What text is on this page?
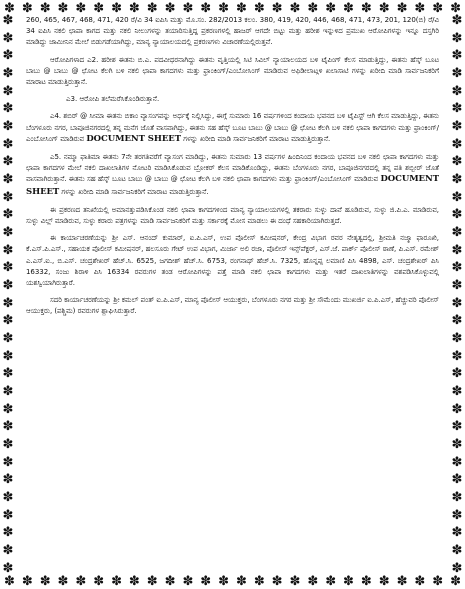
✽ ✽ ✽ ✽ ✽ ✽ ✽ ✽ ✽ ✽ ✽ ✽ ✽ ✽ ✽ ✽ ✽ ✽ ✽ ✽ ✽ ✽ ✽ ✽ ✽ ✽
✽
✽
✽
✽
✽
✽
✽
✽
✽
✽
✽
✽
✽
✽
✽
✽
✽
✽
✽
✽
✽
✽
✽
✽
✽
✽
✽
✽
✽
✽
✽
✽
✽
✽
✽
✽
✽
✽
✽
✽
✽
✽
✽
✽
✽
✽
✽
✽
✽
✽
✽
✽
✽
✽
✽
✽
✽
✽
✽
✽
✽
✽
✽
✽
✽ ✽ ✽ ✽ ✽ ✽ ✽ ✽ ✽ ✽ ✽ ✽ ✽ ✽ ✽ ✽ ✽ ✽ ✽ ✽ ✽ ✽ ✽ ✽ ✽ ✽

260, 465, 467, 468, 471, 420 ರೆ/ವಿ 34 ಐಪಿಸಿ ಮತ್ತು ಮೊ.ಸಂ. 282/2013 ಕಲಂ. 380, 419, 420, 446, 468, 471, 473, 201, 120(ಬಿ) ರೆ/ವಿ 34 ಐಪಿಸಿ ನಕಲಿ ಛಾಪಾ ಕಾಗದ ಮತ್ತು ನಕಲಿ ನೀಲುಗಳನ್ನು ತಯಾರಿಸುತ್ತಿದ್ದ ಪ್ರಕರಣಗಳಲ್ಲಿ ಹಾಜರ್ ಆಗದೇ ಬಿಟ್ಟು ಮತ್ತು ಹರೀಶ ಇನ್ನುಳಿದ ಪ್ರಮುಖ ಆರೋಪಿಗಳನ್ನು ಇನ್ನೂ ದಸ್ತಗಿರಿ ಮಾಡಿದ್ದು ಜಾಮೀನಿನ ಮೇಲೆ ಬಿಡುಗಡೆಯಾಗಿದ್ದು, ಮಾನ್ಯ ನ್ಯಾಯಾಲಯದಲ್ಲಿ ಪ್ರಕರಣಗಳು ವಿಚಾರಣೆಯಲ್ಲಿರುತ್ತವೆ.

ಆರೋಪಿಗಳಾದ ಎ2. ಹರೀಶ ಈತನು ಬಿ.ಎ. ಪದವೀಧರನಾಗಿದ್ದು ಈತನು ವೃತ್ತಿಯಲ್ಲಿ ಸಿಟಿ ಸಿವಿಲ್ ನ್ಯಾಯಾಲಯದ ಬಳಿ ಟೈಪಿಂಗ್ ಕೆಲಸ ಮಾಡುತ್ತಿದ್ದು, ಈತನು ಹೆಸ್ಕ್ ಬೂಟ ಬಾಬು @ ಬಾಬು @ ಛೋಟ ಕೆಲಗಿ ಬಳಿ ನಕಲಿ ಛಾಪಾ ಕಾಗದಗಳು ಮತ್ತು ಫ್ರಾಂಕಿಂಗ್/ಎಂಬೋಸಿಂಗ್ ಮಾಡಿರುವ ಅಫಿಡೀಲಾಟ್ಗಳಿ ಖಲಾಸಾಟಿ ಗಳನ್ನು ಖರೀದಿ ಮಾಡಿ ಸಾರ್ವಜನಿಕರಿಗೆ ಮಾರಾಟ ಮಾಡುತ್ತಿರುತ್ತಾನೆ.

ಎ3. ಆರೋಪಿ ತಲೆಮರೆಸಿಕೊಂಡಿರುತ್ತಾನೆ.

ಎ4. ಶಬಿರ್ @ ಸೀಮಾ ಈತನು ಬಿಕಾಂ ವ್ಯಾಸಂಗವನ್ನು ಅರ್ಧಕ್ಕೆ ನಿಲ್ಲಿಸಿದ್ದು, ಈಗ್ಗೆ ಸುಮಾರು 16 ವರ್ಷಗಳಿಂದ ಕಂದಾಯ ಭವನದ ಬಳಿ ಟೈಪಿಸ್ಟ್ ಆಗಿ ಕೆಲಸ ಮಾಡುತ್ತಿದ್ದು, ಈತನು ಬೆಂಗಳೂರು ನಗರ, ಬಾಪೂಜಿನಗರದಲ್ಲಿ ತನ್ನ ಮನೆಗ ಜೊತೆ ವಾಸವಾಗಿದ್ದು, ಈತನು ಸಹ ಹೆಸ್ಕ್ ಬೂಟ ಬಾಬು @ ಬಾಬು @ ಛೋಟ ಕೆಲಗಿ ಬಳಿ ನಕಲಿ ಛಾಪಾ ಕಾಗದಗಳು ಮತ್ತು ಫ್ರಾಂಕಿಂಗ್/ಎಂಬೋಸಿಂಗ್ ಮಾಡಿರುವ DOCUMENT SHEET ಗಳನ್ನು ಖರೀದಿ ಮಾಡಿ ಸಾರ್ವಜನಿಕರಿಗೆ ಮಾರಾಟ ಮಾಡುತ್ತಿರುತ್ತಾನೆ.

ಎ5. ನಮ್ಮಾ ಫಾತಿಮಾ ಈತನು 7ನೇ ತರಗತಿವರೆಗೆ ವ್ಯಾಸಂಗ ಮಾಡಿದ್ದು, ಈತನು ಸುಮಾರು 13 ವರ್ಷಗಳ ಹಿಂದಿನಿಂದ ಕಂದಾಯ ಭವನದ ಬಳಿ ನಕಲಿ ಛಾಪಾ ಕಾಗದಗಳು ಮತ್ತು ಛಾಪಾ ಕಾಗದಗಳ ಮೇಲೆ ನಕಲಿ ದಾಖಲಾತಿಗಳ ನೋಟರಿ ಮಾಡಿಸಿಕೊಡುವ ಬ್ರೋಕರ್ ಕೆಲಸ ಮಾಡಿಕೊಂಡಿದ್ದು, ಈತನು ಬೆಂಗಳೂರು ನಗರ, ಬಾಪೂಜಿನಗರದಲ್ಲಿ ತನ್ನ ಪತಿ ಶಬ್ಬೀರ್ ಜೊತೆ ವಾಸವಾಗಿರುತ್ತಾನೆ. ಈತನು ಸಹ ಹೆಸ್ಕ್ ಬೂಟ ಬಾಬು @ ಬಾಬು @ ಛೋಟ ಕೆಲಗಿ ಬಳಿ ನಕಲಿ ಛಾಪಾ ಕಾಗದಗಳು ಮತ್ತು ಫ್ರಾಂಕಿಂಗ್/ಎಂಬೋಸಿಂಗ್ ಮಾಡಿರುವ DOCUMENT SHEET ಗಳನ್ನು ಖರೀದಿ ಮಾಡಿ ಸಾರ್ವಜನಿಕರಿಗೆ ಮಾರಾಟ ಮಾಡುತ್ತಿರುತ್ತಾನೆ.

ಈ ಪ್ರಕರಣದ ತನಿಖೆಯಲ್ಲಿ ಅಮಾನತ್ತುಪಡಿಸಿಕೊಂಡ ನಕಲಿ ಛಾಪಾ ಕಾಗದಗಳಿಂದ ಮಾನ್ಯ ನ್ಯಾಯಾಲಯಗಳಲ್ಲಿ ತಕರಾರು ಸುಳ್ಳು ದಾವೆ ಹೂಡಿರುವ, ಸುಳ್ಳು ಜಿ.ಪಿ.ಎ. ಮಾಡಿರುವ, ಸುಳ್ಳು ವಿಲ್ಲ್ ಮಾಡಿರುವ, ಸುಳ್ಳು ಕರಾರು ಪತ್ರಗಳನ್ನು ಮಾಡಿ ಸಾರ್ವಜನಿಕರಿಗೆ ಮತ್ತು ಸರ್ಕಾರಕ್ಕೆ ಮೋಸ ಮಾಡಲು ಈ ದಂಧೆ ಸಹಕಾರಿಯಾಗಿರುತ್ತದೆ.

ಈ ಕಾರ್ಯಾಚರಣೆಯನ್ನು ಶ್ರೀ ಎಸ್. ಆನಂದ್ ಕುಮಾರ್, ಐ.ಪಿ.ಎಸ್, ಉಪ ಪೊಲೀಸ್ ಕಮೀಷನರ್, ಕೇಂದ್ರ ವಿಭಾಗ ರವರ ನೇತೃತ್ವದಲ್ಲಿ, ಶ್ರೀಮತಿ ನಜ್ಮಾ ಫಾರೂಖಿ, ಕೆ.ಎಸ್.ಪಿ.ಎಸ್., ಸಹಾಯಕ ಪೊಲೀಸ್ ಕಮೀಷನರ್, ಹಲಸೂರು ಗೇಟ್ ಉಪ ವಿಭಾಗ, ಮಿರ್ಜಾ ಅಲಿ ರಜಾ, ಪೊಲೀಸ್ ಇನ್ಸ್‌ಪೆಕ್ಟರ್, ಎಸ್.ಜೆ. ಪಾರ್ಕ್ ಪೊಲೀಸ್ ಠಾಣೆ, ಪಿ.ಎಸ್. ರಮೇಶ್ ಎ.ಎಸ್.ಐ., ಬಿ.ಎಸ್. ಚಂದ್ರಶೇಖರ್ ಹೆಚ್.ಸಿ. 6525, ಜಗದೀಶ್ ಹೆಚ್.ಸಿ. 6753, ರಂಗನಾಥ್ ಹೆಚ್.ಸಿ. 7325, ಹೊನ್ನಪ್ಪ ಲಮಾಣಿ ಪಿಸಿ 4898, ಎಸ್. ಚಂದ್ರಶೇಖರ್ ಪಿಸಿ 16332, ಸಂಜು ಶಿರಾಳಿ ಪಿಸಿ 16334 ರವರುಗಳ ತಂಡ ಆರೋಪಿಗಳನ್ನು ಪತ್ತೆ ಮಾಡಿ ನಕಲಿ ಛಾಪಾ ಕಾಗದಗಳು ಮತ್ತು ಇತರೆ ದಾಖಲಾತಿಗಳನ್ನು ವಶಪಡಿಸಿಕೊಳ್ಳುವಲ್ಲಿ ಯಶಸ್ವಿಯಾಗಿರುತ್ತಾರೆ.

ಸದರಿ ಕಾರ್ಯಾಚರಣೆಯನ್ನು ಶ್ರೀ ಕಮಲ್ ಪಂತ್ ಐ.ಪಿ.ಎಸ್, ಮಾನ್ಯ ಪೊಲೀಸ್ ಆಯುಕ್ತರು, ಬೆಂಗಳೂರು ನಗರ ಮತ್ತು ಶ್ರೀ ಸೌಮೆಂದು ಮುಖರ್ಜಿ ಐ.ಪಿ.ಎಸ್, ಹೆಚ್ಚುವರಿ ಪೊಲೀಸ್ ಆಯುಕ್ತರು, (ಪಶ್ಚಿಮ) ರವರುಗಳ ಶ್ಲಾಘಿಸಿರುತ್ತಾರೆ.
